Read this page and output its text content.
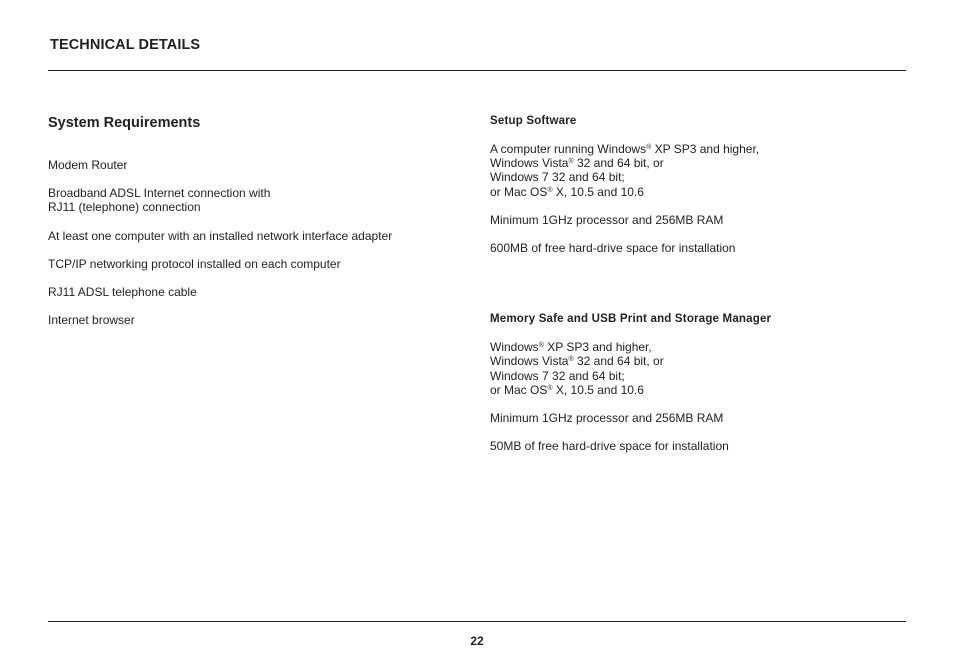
TECHNICAL DETAILS
System Requirements

Modem Router

Broadband ADSL Internet connection with

RJ11 (telephone) connection

At least one computer with an installed network interface adapter

TCP/IP networking protocol installed on each computer

RJ11 ADSL telephone cable

Internet browser

Setup Software

A computer running Windows® XP SP3 and higher,

Windows Vista® 32 and 64 bit, or

Windows 7 32 and 64 bit;

or Mac OS® X, 10.5 and 10.6

Minimum 1GHz processor and 256MB RAM

600MB of free hard-drive space for installation

Memory Safe and USB Print and Storage Manager

Windows® XP SP3 and higher,

Windows Vista® 32 and 64 bit, or

Windows 7 32 and 64 bit;

or Mac OS® X, 10.5 and 10.6

Minimum 1GHz processor and 256MB RAM

50MB of free hard-drive space for installation

22
